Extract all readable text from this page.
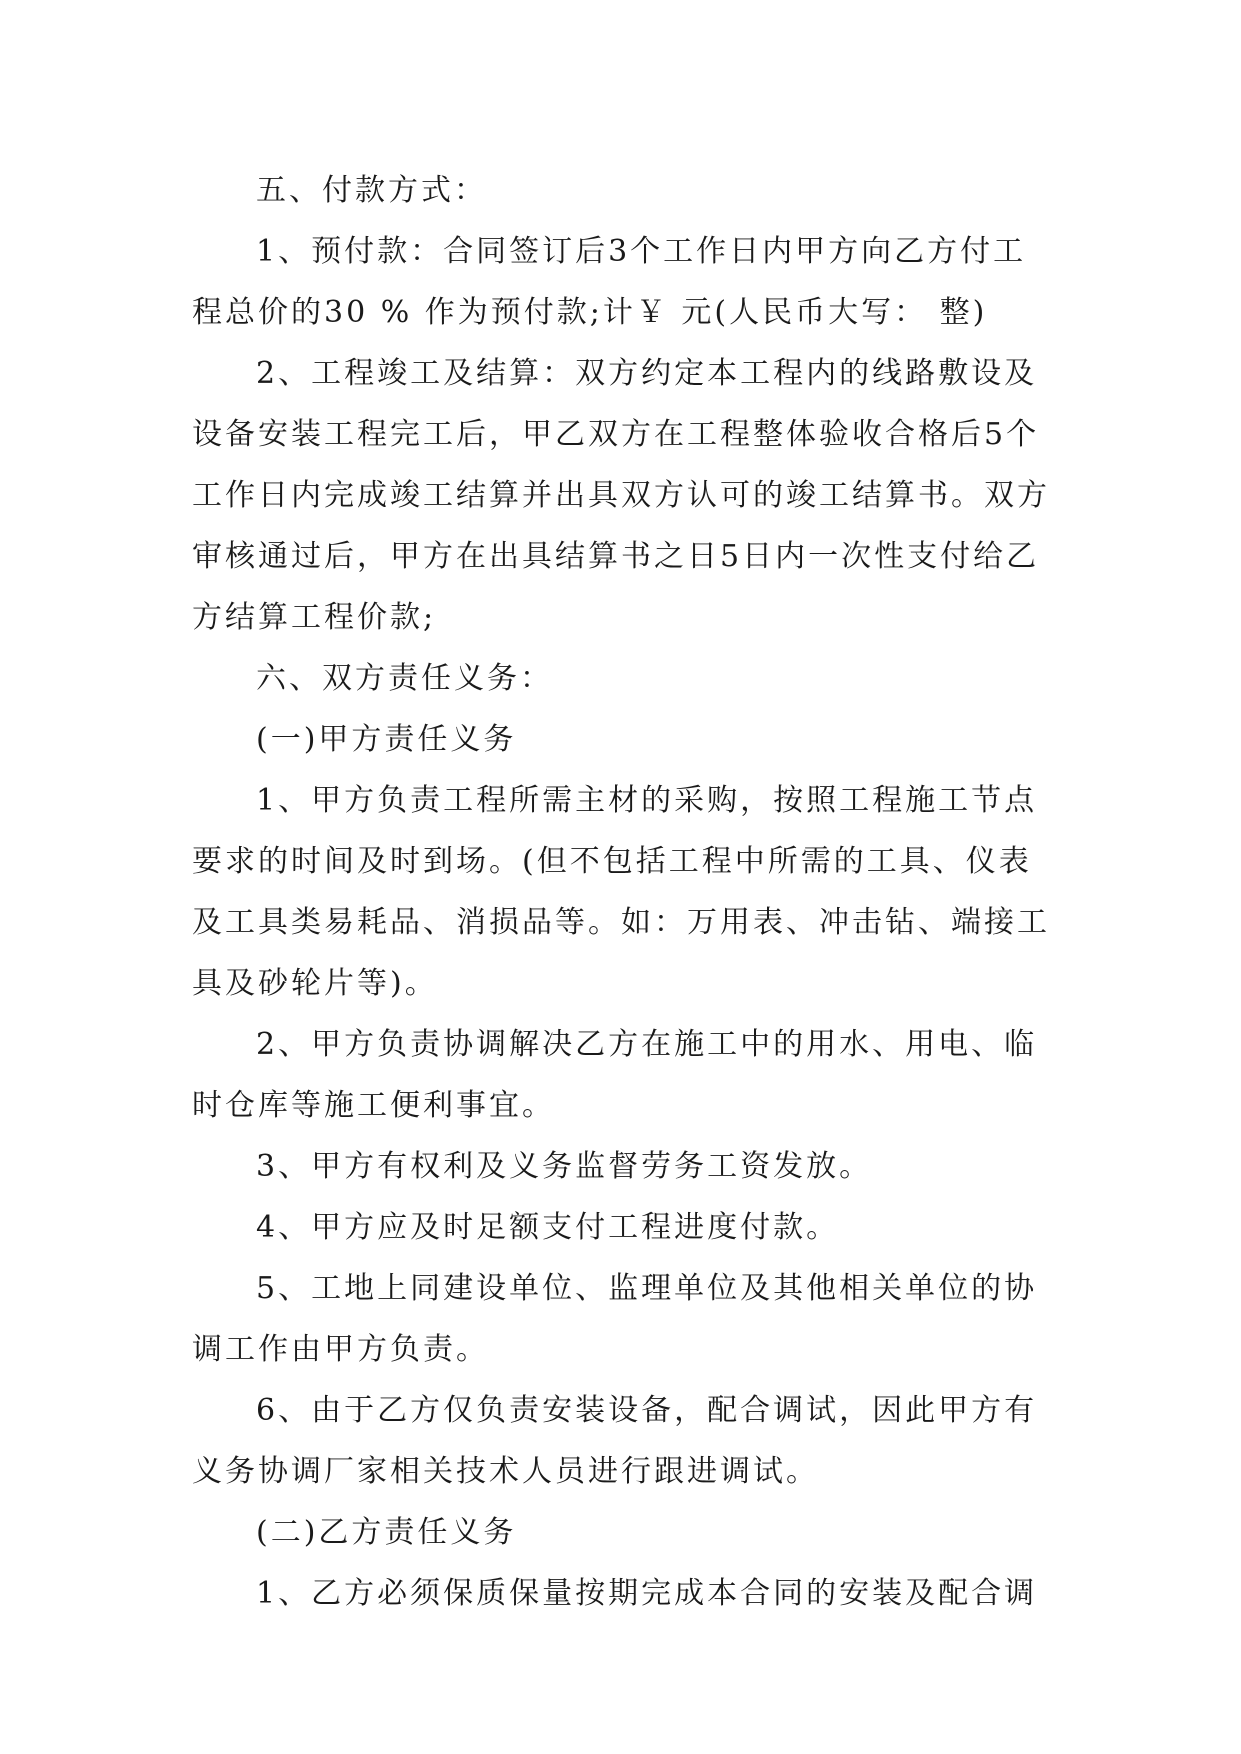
五、付款方式：

1、预付款：合同签订后3个工作日内甲方向乙方付工

程总价的30 % 作为预付款;计￥ 元(人民币大写： 整)

2、工程竣工及结算：双方约定本工程内的线路敷设及

设备安装工程完工后，甲乙双方在工程整体验收合格后5个

工作日内完成竣工结算并出具双方认可的竣工结算书。双方

审核通过后，甲方在出具结算书之日5日内一次性支付给乙

方结算工程价款;

六、双方责任义务：

(一)甲方责任义务

1、甲方负责工程所需主材的采购，按照工程施工节点

要求的时间及时到场。(但不包括工程中所需的工具、仪表

及工具类易耗品、消损品等。如：万用表、冲击钻、端接工

具及砂轮片等)。

2、甲方负责协调解决乙方在施工中的用水、用电、临

时仓库等施工便利事宜。

3、甲方有权利及义务监督劳务工资发放。

4、甲方应及时足额支付工程进度付款。

5、工地上同建设单位、监理单位及其他相关单位的协

调工作由甲方负责。

6、由于乙方仅负责安装设备，配合调试，因此甲方有

义务协调厂家相关技术人员进行跟进调试。

(二)乙方责任义务

1、乙方必须保质保量按期完成本合同的安装及配合调
